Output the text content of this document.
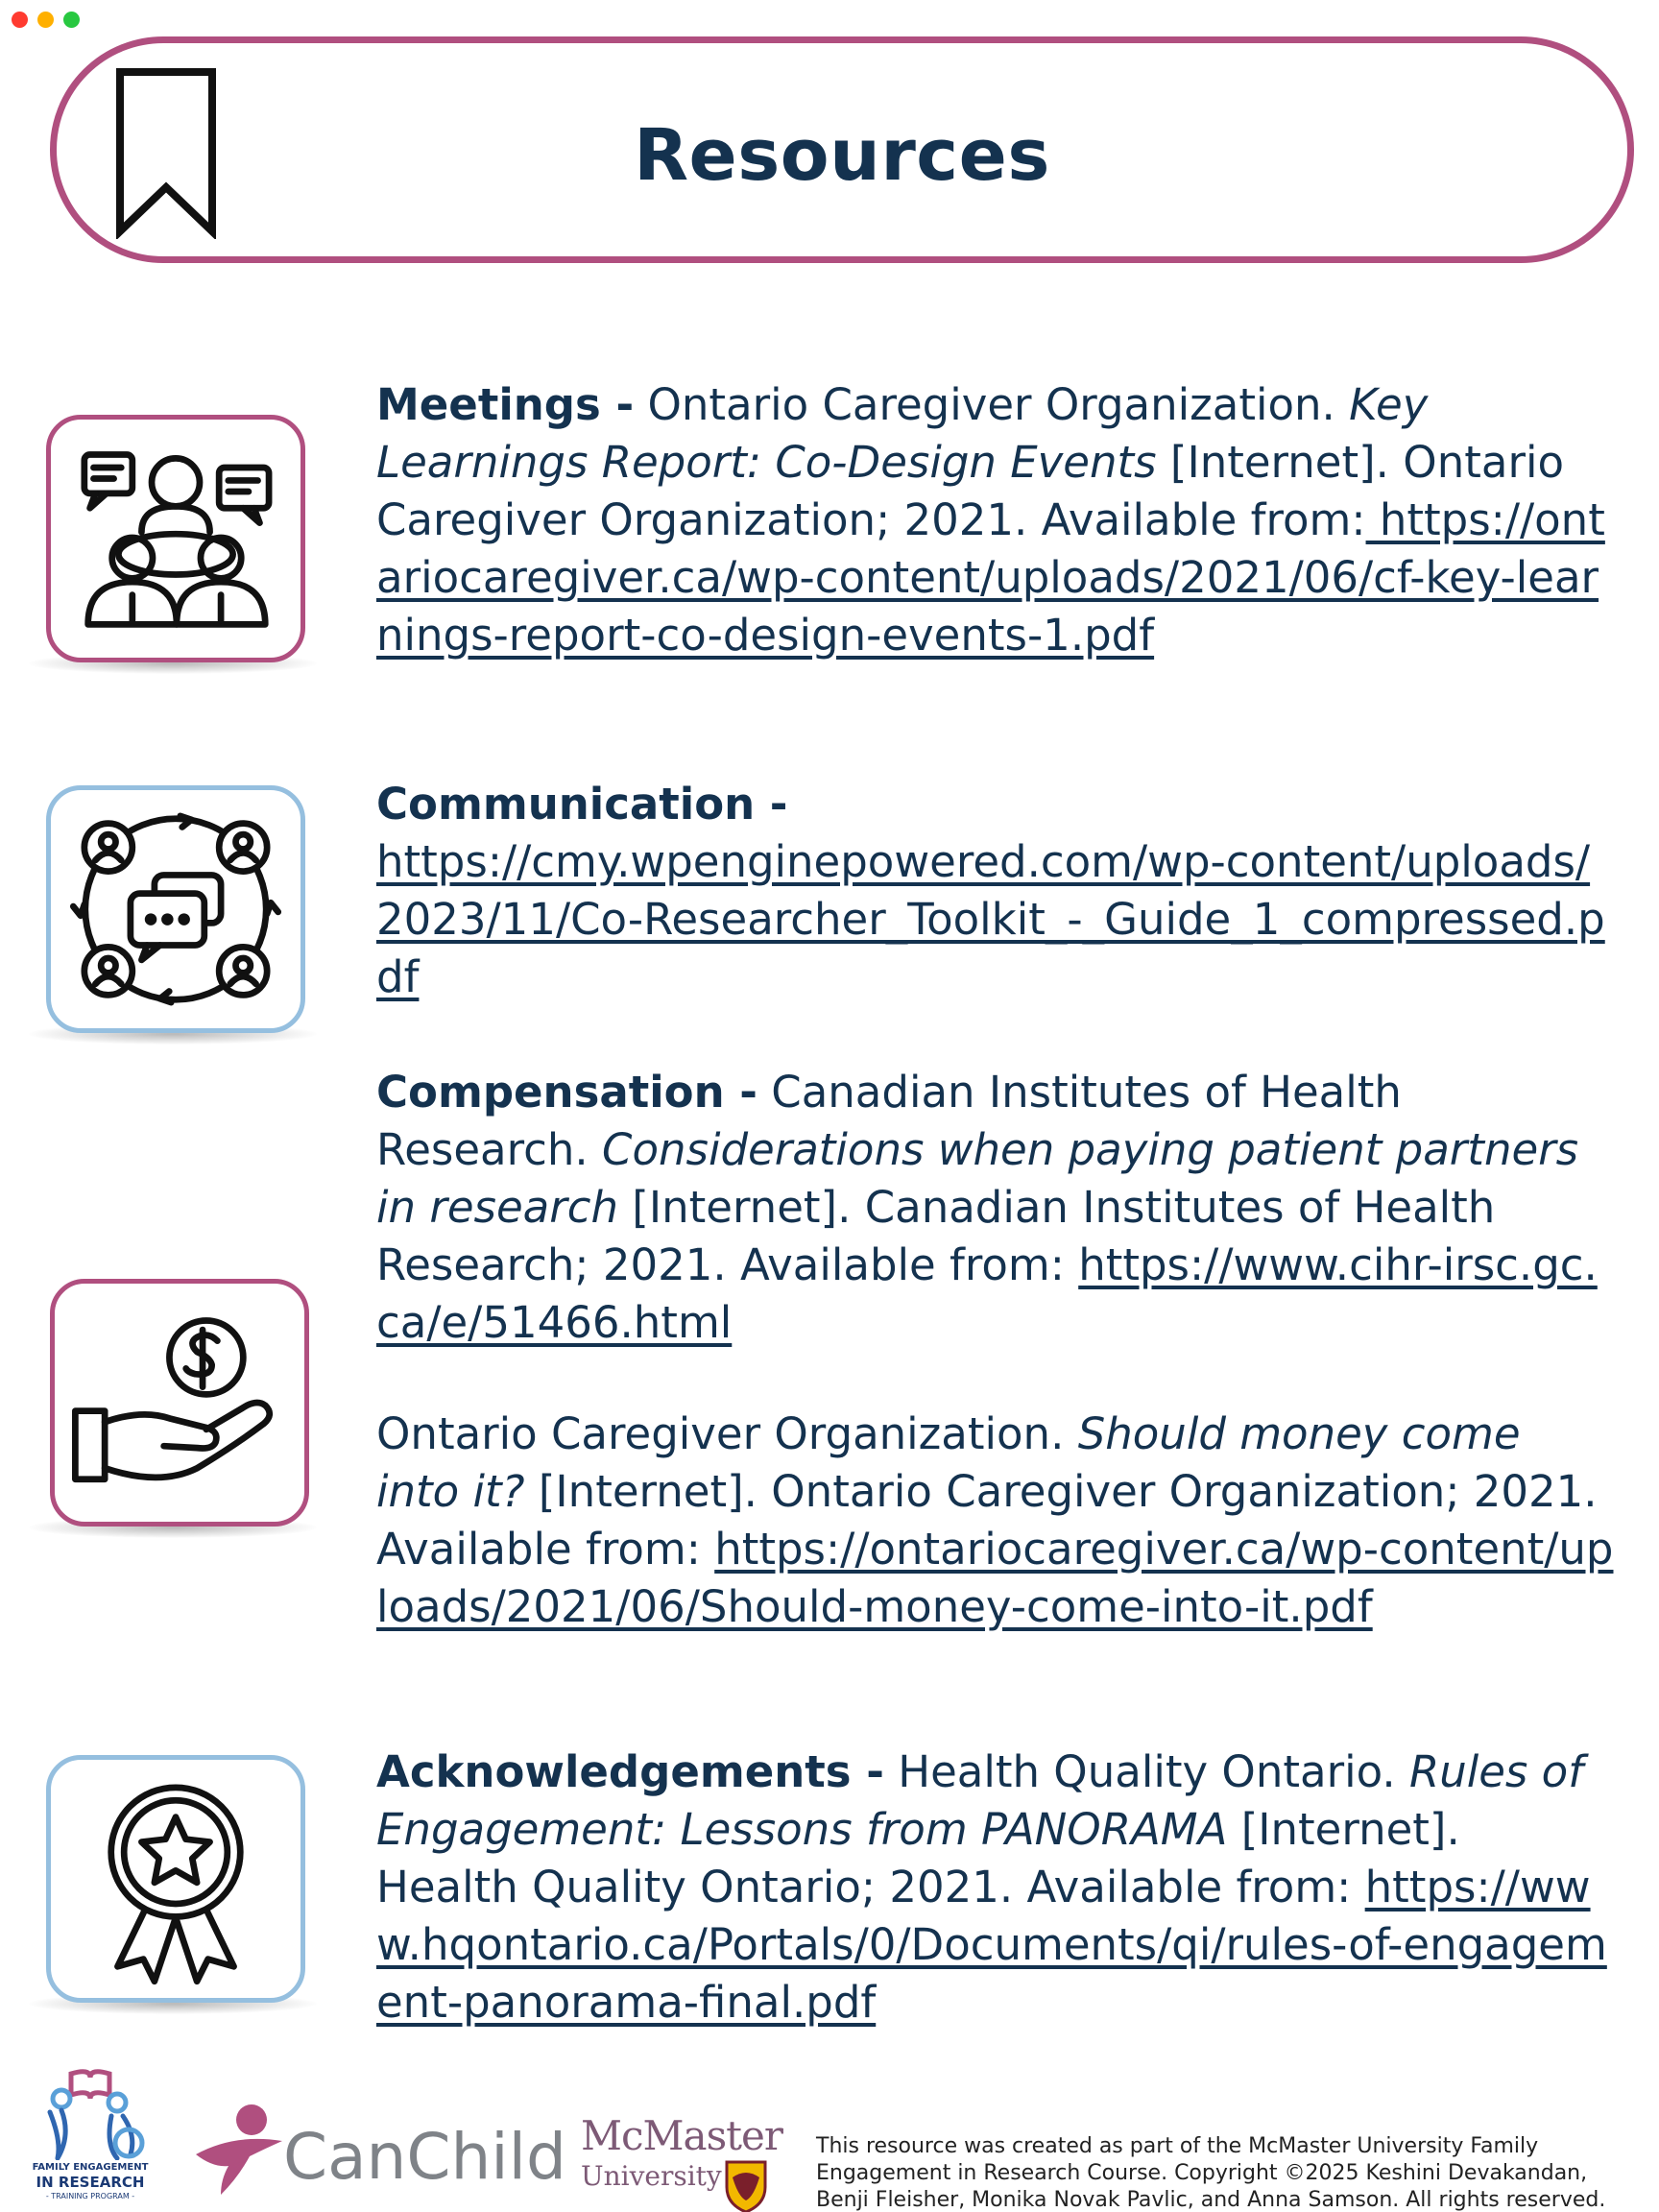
Resources
Meetings - Ontario Caregiver Organization. Key Learnings Report: Co-Design Events [Internet]. Ontario Caregiver Organization; 2021. Available from: https://ontariocaregiver.ca/wp-content/uploads/2021/06/cf-key-learnings-report-co-design-events-1.pdf
Communication -
https://cmy.wpenginepowered.com/wp-content/uploads/2023/11/Co-Researcher_Toolkit_-_Guide_1_compressed.pdf
Compensation - Canadian Institutes of Health Research. Considerations when paying patient partners in research [Internet]. Canadian Institutes of Health Research; 2021. Available from: https://www.cihr-irsc.gc.ca/e/51466.html
Ontario Caregiver Organization. Should money come into it? [Internet]. Ontario Caregiver Organization; 2021. Available from: https://ontariocaregiver.ca/wp-content/uploads/2021/06/Should-money-come-into-it.pdf
Acknowledgements - Health Quality Ontario. Rules of Engagement: Lessons from PANORAMA [Internet]. Health Quality Ontario; 2021. Available from: https://www.hqontario.ca/Portals/0/Documents/qi/rules-of-engagement-panorama-final.pdf
FAMILY ENGAGEMENT
IN RESEARCH
- TRAINING PROGRAM -
CanChild McMaster
University
This resource was created as part of the McMaster University Family Engagement in Research Course. Copyright ©2025 Keshini Devakandan, Benji Fleisher, Monika Novak Pavlic, and Anna Samson. All rights reserved.
